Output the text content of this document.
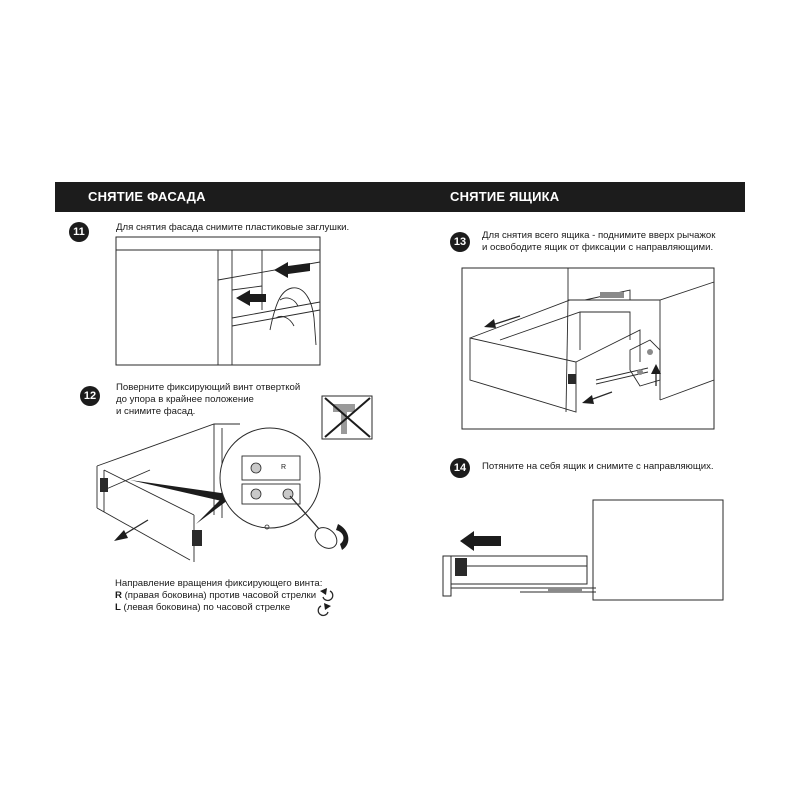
СНЯТИЕ ФАСАДА	СНЯТИЕ ЯЩИКА
11	Для снятия фасада снимите пластиковые заглушки.
12
Поверните фиксирующий винт отверткой
до упора в крайнее положение
и снимите фасад.
R
Направление вращения фиксирующего винта:
R (правая боковина) против часовой стрелки
L (левая боковина) по часовой стрелке
13
Для снятия всего ящика - поднимите вверх рычажок
и освободите ящик от фиксации с направляющими.
14	Потяните на себя ящик и снимите с направляющих.
